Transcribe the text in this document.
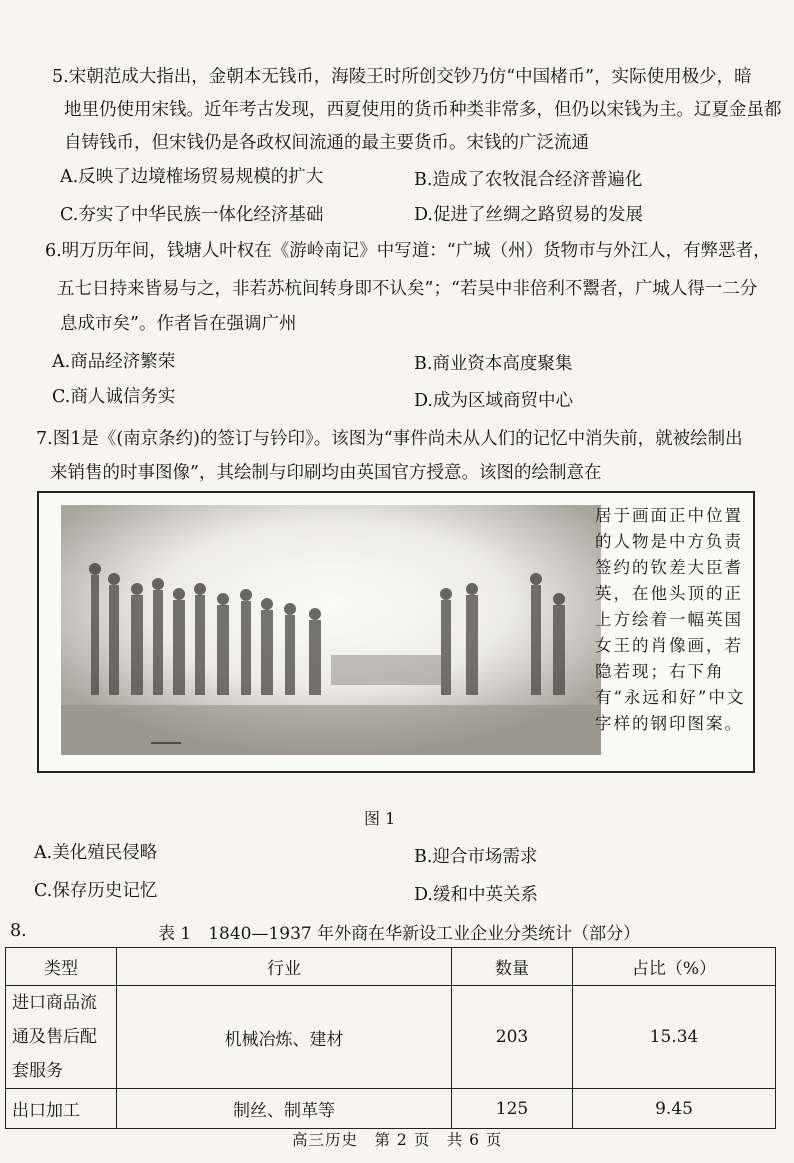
5.宋朝范成大指出，金朝本无钱币，海陵王时所创交钞乃仿“中国楮币”，实际使用极少，暗
地里仍使用宋钱。近年考古发现，西夏使用的货币种类非常多，但仍以宋钱为主。辽夏金虽都
自铸钱币，但宋钱仍是各政权间流通的最主要货币。宋钱的广泛流通
A.反映了边境榷场贸易规模的扩大	B.造成了农牧混合经济普遍化
C.夯实了中华民族一体化经济基础	D.促进了丝绸之路贸易的发展
6.明万历年间，钱塘人叶权在《游岭南记》中写道：“广城（州）货物市与外江人，有弊恶者，
五七日持来皆易与之，非若苏杭间转身即不认矣”；“若吴中非倍利不鬻者，广城人得一二分
息成市矣”。作者旨在强调广州
A.商品经济繁荣	B.商业资本高度聚集
C.商人诚信务实	D.成为区域商贸中心
7.图1是《(南京条约)的签订与钤印》。该图为“事件尚未从人们的记忆中消失前，就被绘制出
来销售的时事图像”，其绘制与印刷均由英国官方授意。该图的绘制意在
居于画面正中位置的人物是中方负责签约的钦差大臣耆英，在他头顶的正上方绘着一幅英国女王的肖像画，若隐若现；右下角有“永远和好”中文字样的钢印图案。
图 1
A.美化殖民侵略	B.迎合市场需求
C.保存历史记忆	D.缓和中英关系
8.	表 1　1840—1937 年外商在华新设工业企业分类统计（部分）
类型	行业	数量	占比（%）
进口商品流通及售后配套服务	机械冶炼、建材	203	15.34
出口加工	制丝、制革等	125	9.45
高三历史　第 2 页　共 6 页
